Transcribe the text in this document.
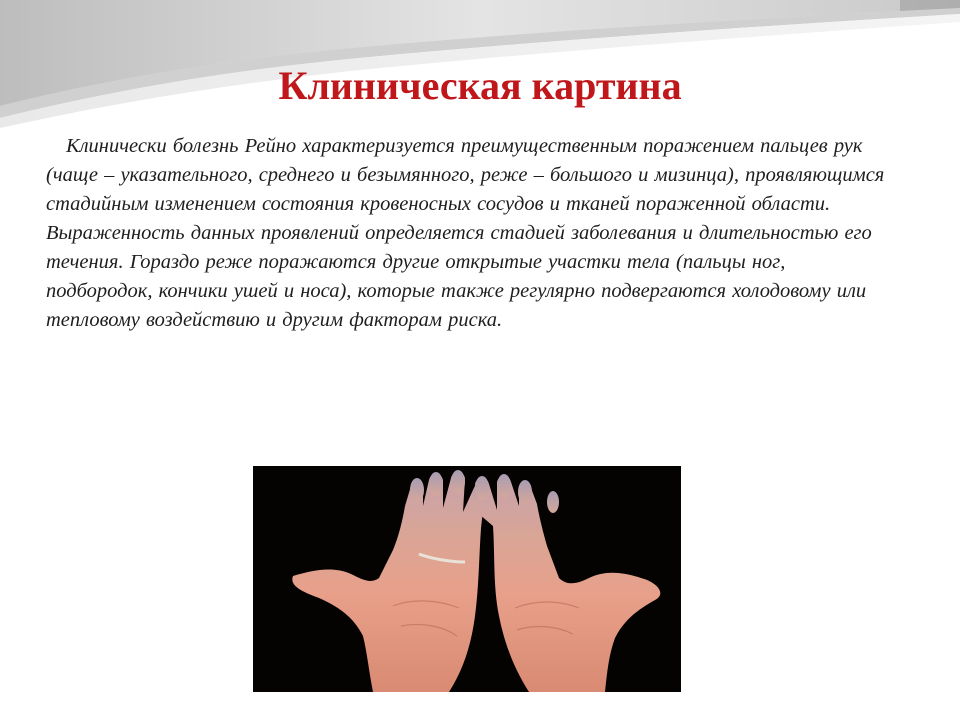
Клиническая картина

Клинически болезнь Рейно характеризуется преимущественным поражением пальцев рук (чаще – указательного, среднего и безымянного, реже – большого и мизинца), проявляющимся стадийным изменением состояния кровеносных сосудов и тканей пораженной области. Выраженность данных проявлений определяется стадией заболевания и длительностью его течения. Гораздо реже поражаются другие открытые участки тела (пальцы ног, подбородок, кончики ушей и носа), которые также регулярно подвергаются холодовому или тепловому воздействию и другим факторам риска.
